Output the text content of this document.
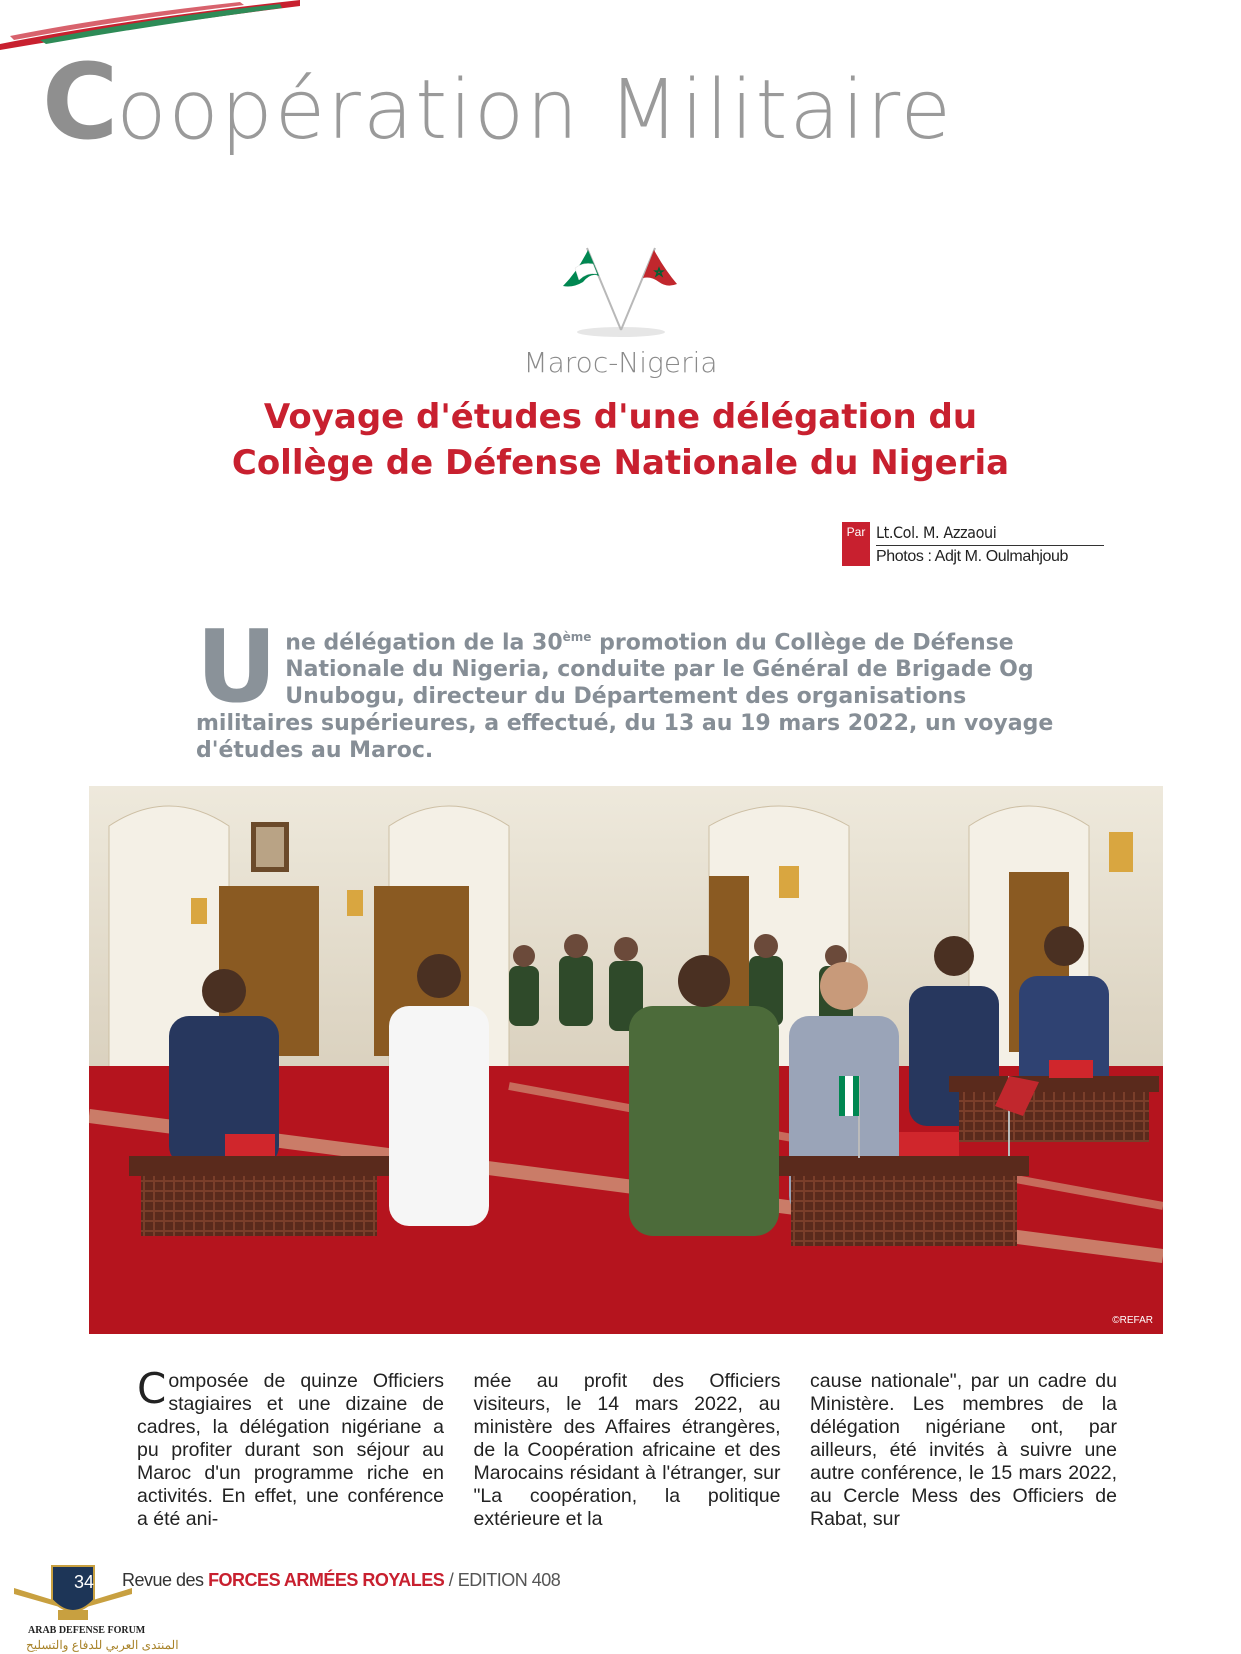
Coopération Militaire
Maroc-Nigeria
Voyage d'études d'une délégation du
Collège de Défense Nationale du Nigeria
Par Lt.Col. M. Azzaoui
Photos : Adjt M. Oulmahjoub
Une délégation de la 30ème promotion du Collège de Défense Nationale du Nigeria, conduite par le Général de Brigade Og Unubogu, directeur du Département des organisations militaires supérieures, a effectué, du 13 au 19 mars 2022, un voyage d'études au Maroc.
©REFAR
Composée de quinze Officiers stagiaires et une dizaine de cadres, la délégation nigériane a pu profiter durant son séjour au Maroc d'un programme riche en activités. En effet, une conférence a été ani-
mée au profit des Officiers visiteurs, le 14 mars 2022, au ministère des Affaires étrangères, de la Coopération africaine et des Marocains résidant à l'étranger, sur "La coopération, la politique extérieure et la
cause nationale", par un cadre du Ministère. Les membres de la délégation nigériane ont, par ailleurs, été invités à suivre une autre conférence, le 15 mars 2022, au Cercle Mess des Officiers de Rabat, sur
34 Revue des FORCES ARMÉES ROYALES / EDITION 408
ARAB DEFENSE FORUM
المنتدى العربي للدفاع والتسليح
